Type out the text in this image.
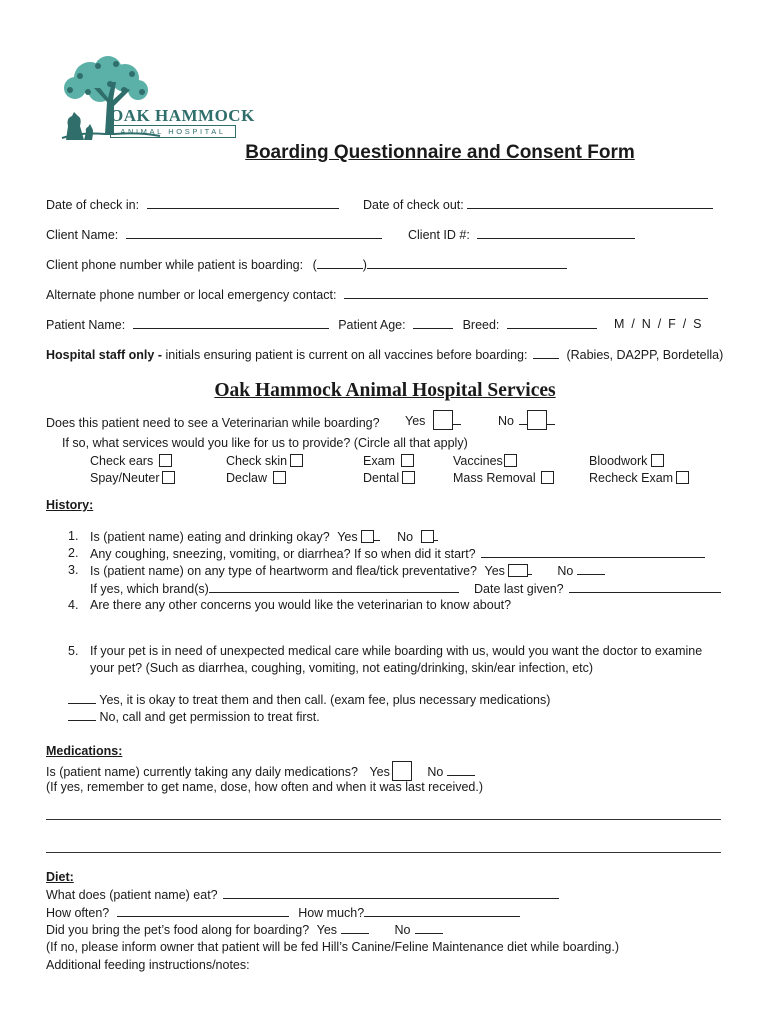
OAK HAMMOCK
ANIMAL HOSPITAL
Boarding Questionnaire and Consent Form
Date of check in:	Date of check out:
Client Name:	Client ID #:
Client phone number while patient is boarding: (	)
Alternate phone number or local emergency contact:
Patient Name:	Patient Age:	Breed:	M  /  N  /  F  /  S
Hospital staff only - initials ensuring patient is current on all vaccines before boarding:	(Rabies, DA2PP, Bordetella)
Oak Hammock Animal Hospital Services
Does this patient need to see a Veterinarian while boarding? Yes	No
If so, what services would you like for us to provide? (Circle all that apply)
Check ears	Check skin	Exam	Vaccines	Bloodwork
Spay/Neuter	Declaw	Dental	Mass Removal	Recheck Exam
History:
1. Is (patient name) eating and drinking okay? Yes	No
2. Any coughing, sneezing, vomiting, or diarrhea? If so when did it start?
3. Is (patient name) on any type of heartworm and flea/tick preventative? Yes	No
If yes, which brand(s)	Date last given?
4. Are there any other concerns you would like the veterinarian to know about?
5. If your pet is in need of unexpected medical care while boarding with us, would you want the doctor to examine
your pet? (Such as diarrhea, coughing, vomiting, not eating/drinking, skin/ear infection, etc)
Yes, it is okay to treat them and then call. (exam fee, plus necessary medications)
No, call and get permission to treat first.
Medications:
Is (patient name) currently taking any daily medications? Yes	No
(If yes, remember to get name, dose, how often and when it was last received.)
Diet:
What does (patient name) eat?
How often?	How much?
Did you bring the pet’s food along for boarding? Yes	No
(If no, please inform owner that patient will be fed Hill’s Canine/Feline Maintenance diet while boarding.)
Additional feeding instructions/notes:
